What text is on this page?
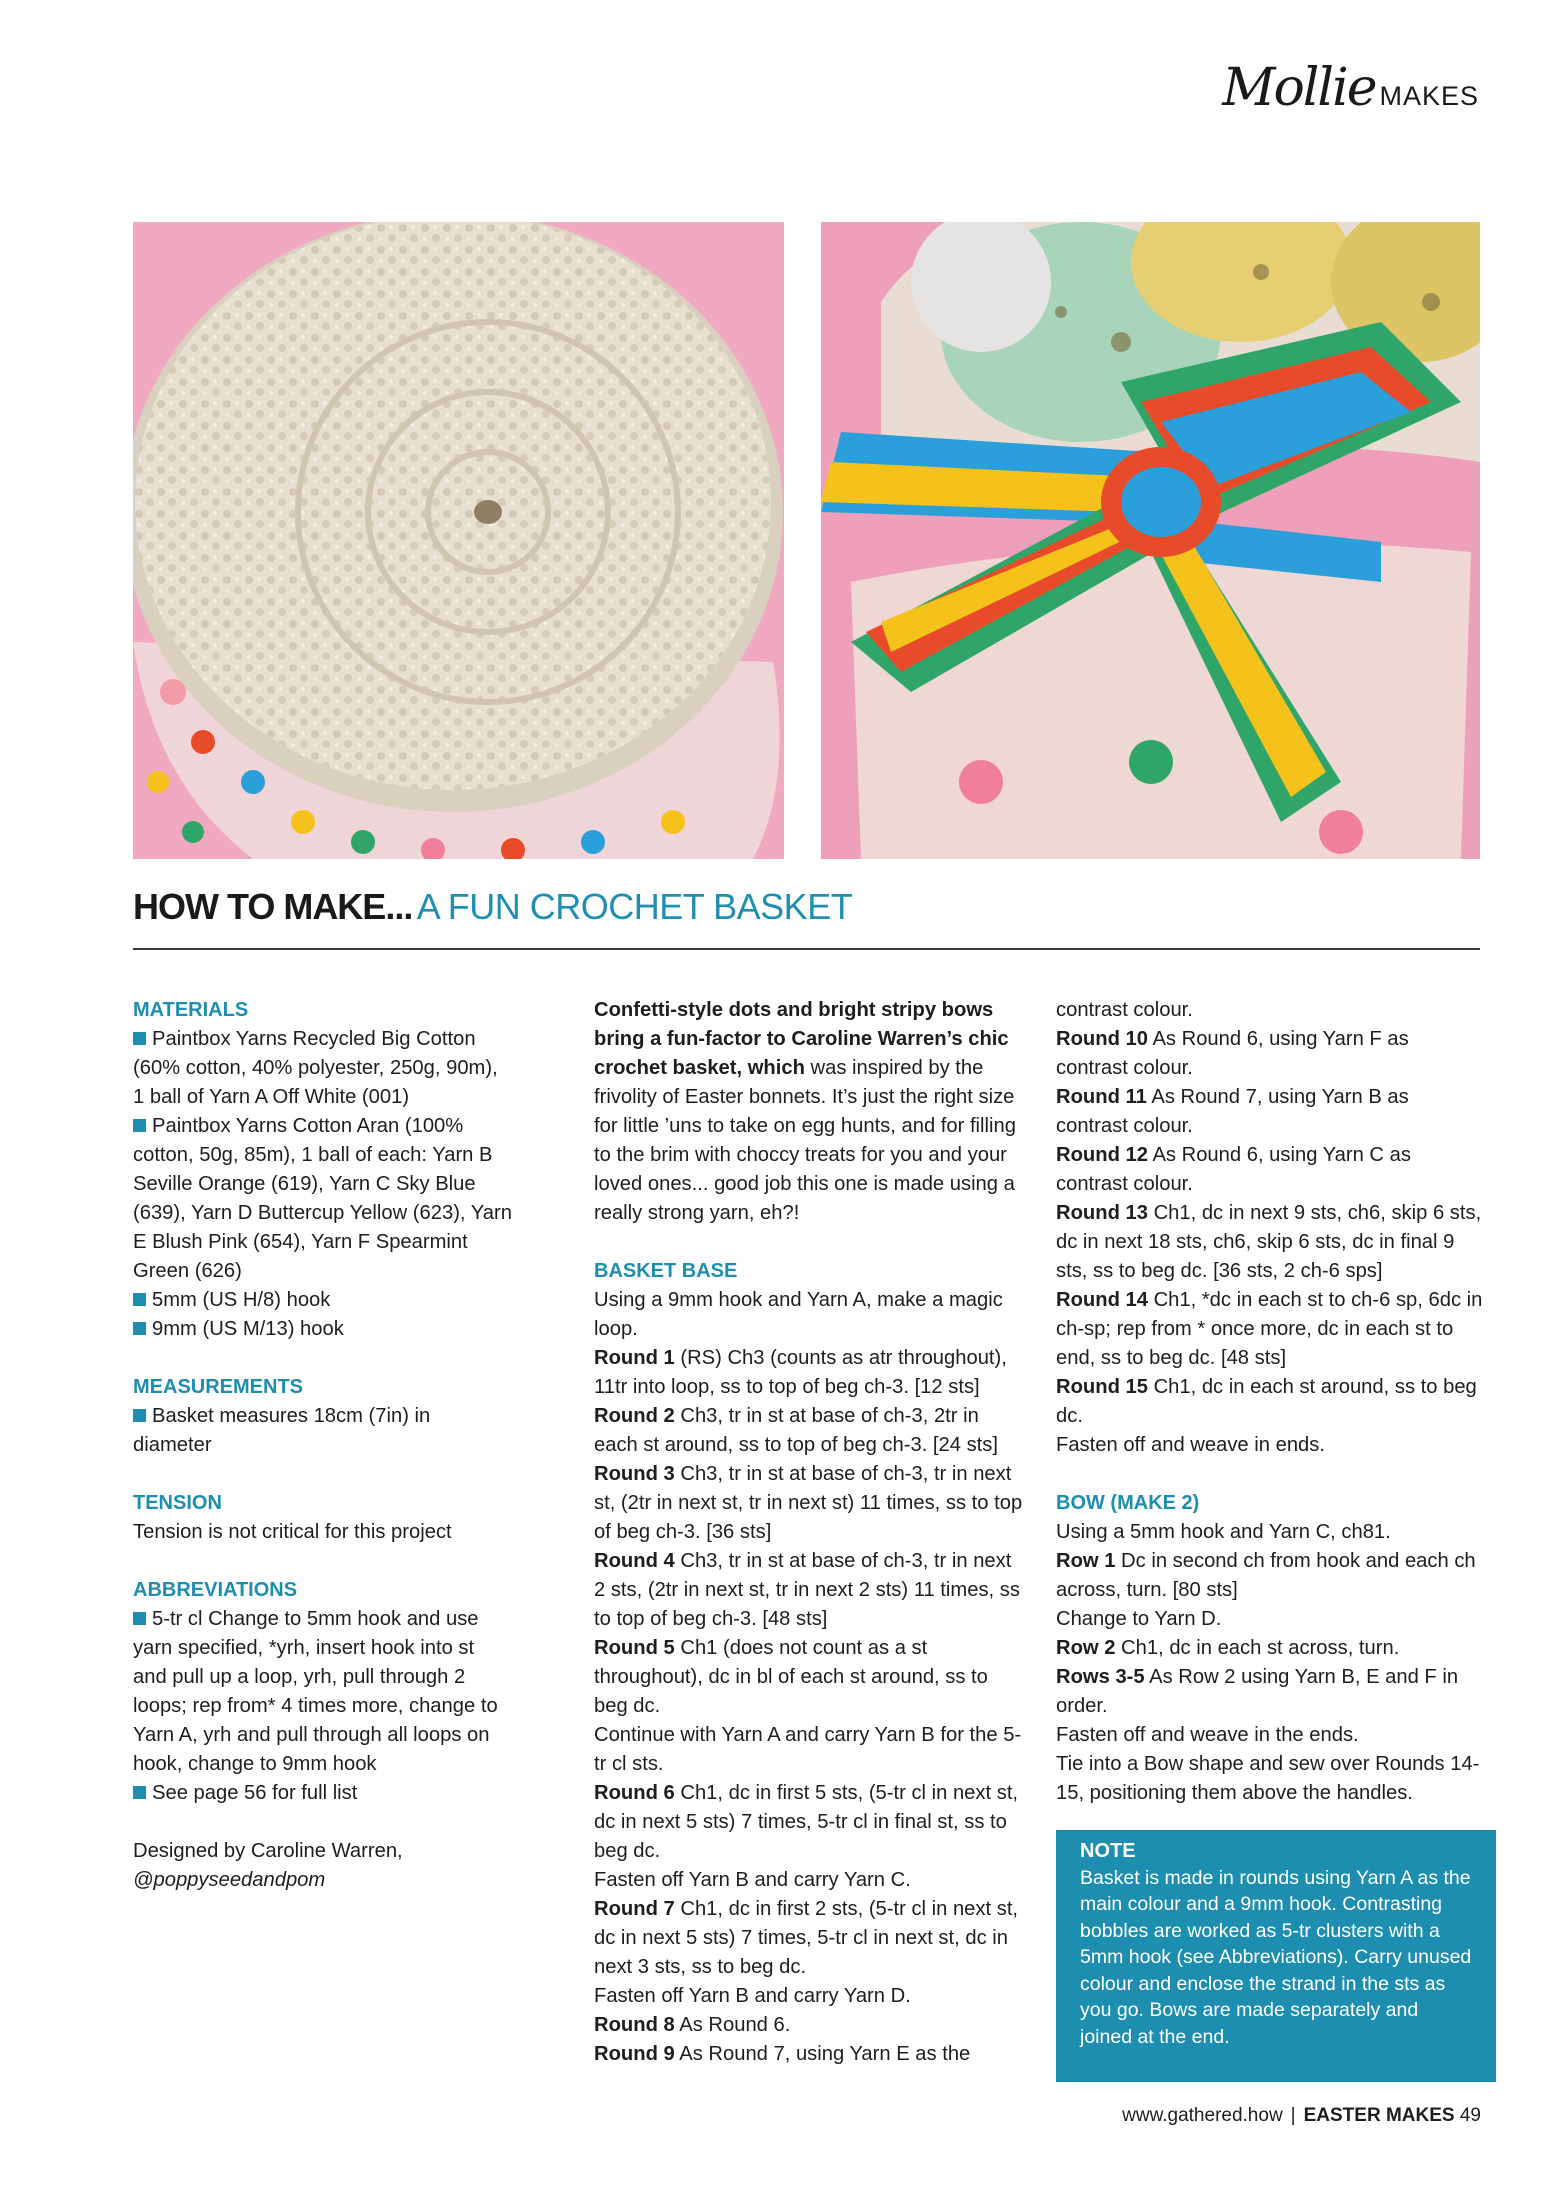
Mollie MAKES
HOW TO MAKE... A FUN CROCHET BASKET

MATERIALS

Paintbox Yarns Recycled Big Cotton (60% cotton, 40% polyester, 250g, 90m), 1 ball of Yarn A Off White (001)

Paintbox Yarns Cotton Aran (100% cotton, 50g, 85m), 1 ball of each: Yarn B Seville Orange (619), Yarn C Sky Blue (639), Yarn D Buttercup Yellow (623), Yarn E Blush Pink (654), Yarn F Spearmint Green (626)

5mm (US H/8) hook

9mm (US M/13) hook

MEASUREMENTS

Basket measures 18cm (7in) in diameter

TENSION

Tension is not critical for this project

ABBREVIATIONS

5-tr cl Change to 5mm hook and use yarn specified, *yrh, insert hook into st and pull up a loop, yrh, pull through 2 loops; rep from* 4 times more, change to Yarn A, yrh and pull through all loops on hook, change to 9mm hook

See page 56 for full list

Designed by Caroline Warren,

@poppyseedandpom

Confetti-style dots and bright stripy bows bring a fun-factor to Caroline Warren’s chic crochet basket, which was inspired by the frivolity of Easter bonnets. It’s just the right size for little ’uns to take on egg hunts, and for filling to the brim with choccy treats for you and your loved ones... good job this one is made using a really strong yarn, eh?!

BASKET BASE

Using a 9mm hook and Yarn A, make a magic loop.

Round 1 (RS) Ch3 (counts as atr throughout), 11tr into loop, ss to top of beg ch-3. [12 sts]

Round 2 Ch3, tr in st at base of ch-3, 2tr in each st around, ss to top of beg ch-3. [24 sts]

Round 3 Ch3, tr in st at base of ch-3, tr in next st, (2tr in next st, tr in next st) 11 times, ss to top of beg ch-3. [36 sts]

Round 4 Ch3, tr in st at base of ch-3, tr in next 2 sts, (2tr in next st, tr in next 2 sts) 11 times, ss to top of beg ch-3. [48 sts]

Round 5 Ch1 (does not count as a st throughout), dc in bl of each st around, ss to beg dc.

Continue with Yarn A and carry Yarn B for the 5-tr cl sts.

Round 6 Ch1, dc in first 5 sts, (5-tr cl in next st, dc in next 5 sts) 7 times, 5-tr cl in final st, ss to beg dc.

Fasten off Yarn B and carry Yarn C.

Round 7 Ch1, dc in first 2 sts, (5-tr cl in next st, dc in next 5 sts) 7 times, 5-tr cl in next st, dc in next 3 sts, ss to beg dc.

Fasten off Yarn B and carry Yarn D.

Round 8 As Round 6.

Round 9 As Round 7, using Yarn E as the

contrast colour.

Round 10 As Round 6, using Yarn F as contrast colour.

Round 11 As Round 7, using Yarn B as contrast colour.

Round 12 As Round 6, using Yarn C as contrast colour.

Round 13 Ch1, dc in next 9 sts, ch6, skip 6 sts, dc in next 18 sts, ch6, skip 6 sts, dc in final 9 sts, ss to beg dc. [36 sts, 2 ch-6 sps]

Round 14 Ch1, *dc in each st to ch-6 sp, 6dc in ch-sp; rep from * once more, dc in each st to end, ss to beg dc. [48 sts]

Round 15 Ch1, dc in each st around, ss to beg dc.

Fasten off and weave in ends.

BOW (MAKE 2)

Using a 5mm hook and Yarn C, ch81.

Row 1 Dc in second ch from hook and each ch across, turn. [80 sts]

Change to Yarn D.

Row 2 Ch1, dc in each st across, turn.

Rows 3-5 As Row 2 using Yarn B, E and F in order.

Fasten off and weave in the ends.

Tie into a Bow shape and sew over Rounds 14-15, positioning them above the handles.

NOTE
Basket is made in rounds using Yarn A as the main colour and a 9mm hook. Contrasting bobbles are worked as 5-tr clusters with a 5mm hook (see Abbreviations). Carry unused colour and enclose the strand in the sts as you go. Bows are made separately and joined at the end.
www.gathered.how | EASTER MAKES 49
